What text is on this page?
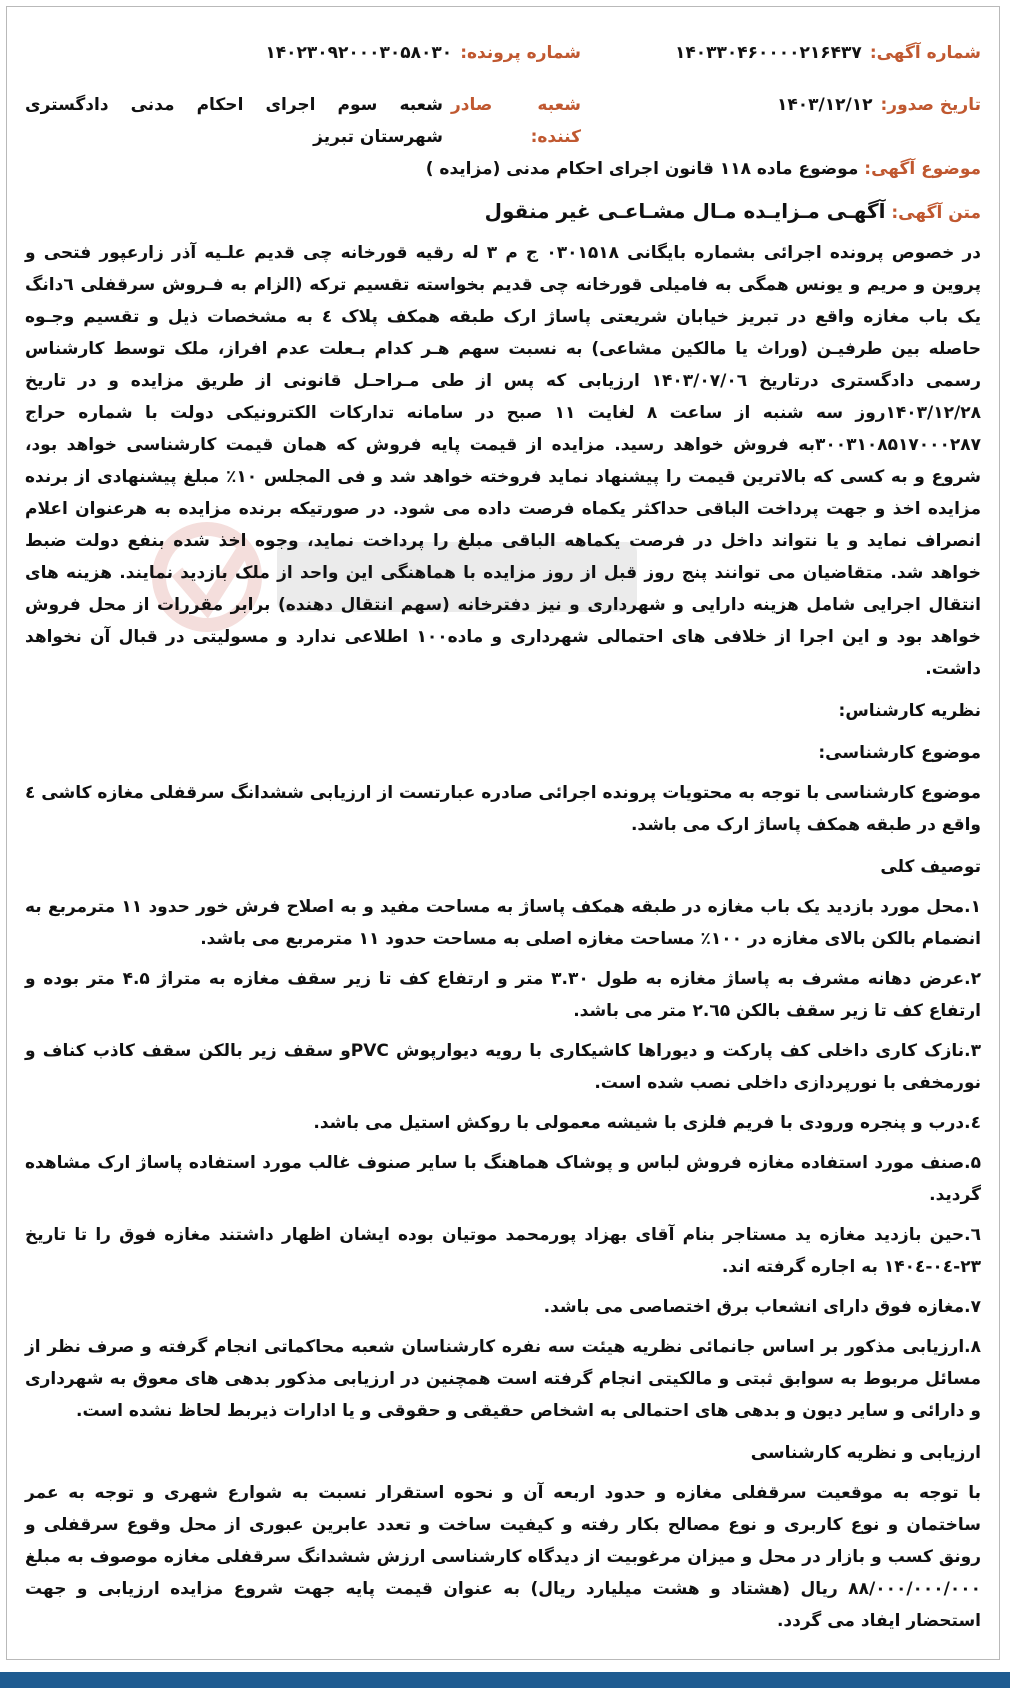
شماره آگهی:
۱۴۰۳۳۰۴۶۰۰۰۰۲۱۶۴۳۷
شماره پرونده:
۱۴۰۲۳۰۹۲۰۰۰۳۰۵۸۰۳۰
تاریخ صدور:
۱۴۰۳/۱۲/۱۲
شعبه صادر کننده:
شعبه سوم اجرای احکام مدنی دادگستری شهرستان تبریز
موضوع آگهی: موضوع ماده ۱۱۸ قانون اجرای احکام مدنی (مزایده )
متن آگهی: آگهـی مـزایـده مـال مشـاعـی غیر منقول

در خصوص پرونده اجرائی بشماره بایگانی ۰۳۰۱۵۱۸ ج م ۳ له رقیه قورخانه چی قدیم علـیه آذر زارعپور فتحی و پروین و مریم و یونس همگی به فامیلی قورخانه چی قدیم بخواسته تقسیم ترکه (الزام به فـروش سرقفلی ٦دانگ یک باب مغازه واقع در تبریز خیابان شریعتی پاساژ ارک طبقه همکف پلاک ٤ به مشخصات ذیل و تقسیم وجـوه حاصله بین طرفیـن (وراث یا مالکین مشاعی) به نسبت سهم هـر کدام بـعلت عدم افراز، ملک توسط کارشناس رسمی دادگستری درتاریخ ۱۴۰۳/۰۷/۰٦ ارزیابی که پس از طی مـراحـل قانونی از طریق مزایده و در تاریخ ۱۴۰۳/۱۲/۲۸روز سه شنبه از ساعت ۸ لغایت ۱۱ صبح در سامانه تدارکات الکترونیکی دولت با شماره حراج ۳۰۰۳۱۰۸۵۱۷۰۰۰۲۸۷به فروش خواهد رسید. مزایده از قیمت پایه فروش که همان قیمت کارشناسی خواهد بود، شروع و به کسی که بالاترین قیمت را پیشنهاد نماید فروخته خواهد شد و فی المجلس ۱۰٪ مبلغ پیشنهادی از برنده مزایده اخذ و جهت پرداخت الباقی حداکثر یکماه فرصت داده می شود. در صورتیکه برنده مزایده به هرعنوان اعلام انصراف نماید و یا نتواند داخل در فرصت یکماهه الباقی مبلغ را پرداخت نماید، وجوه اخذ شده بنفع دولت ضبط خواهد شد. متقاضیان می توانند پنج روز قبل از روز مزایده با هماهنگی این واحد از ملک بازدید نمایند. هزینه های انتقال اجرایی شامل هزینه دارایی و شهرداری و نیز دفترخانه (سهم انتقال دهنده) برابر مقررات از محل فروش خواهد بود و این اجرا از خلافی های احتمالی شهرداری و ماده۱۰۰ اطلاعی ندارد و مسولیتی در قبال آن نخواهد داشت.

نظریه کارشناس:

موضوع کارشناسی:

موضوع کارشناسی با توجه به محتویات پرونده اجرائی صادره عبارتست از ارزیابی ششدانگ سرقفلی مغازه کاشی ٤ واقع در طبقه همکف پاساژ ارک می باشد.

توصیف کلی

۱.محل مورد بازدید یک باب مغازه در طبقه همکف پاساژ به مساحت مفید و به اصلاح فرش خور حدود ۱۱ مترمربع به انضمام بالکن بالای مغازه در ۱۰۰٪ مساحت مغازه اصلی به مساحت حدود ۱۱ مترمربع می باشد.

۲.عرض دهانه مشرف به پاساژ مغازه به طول ۳.۳۰ متر و ارتفاع کف تا زیر سقف مغازه به متراژ ۴.۵ متر بوده و ارتفاع کف تا زیر سقف بالکن ۲.٦۵ متر می باشد.

۳.نازک کاری داخلی کف پارکت و دیوراها کاشیکاری با رویه دیوارپوش PVCو سقف زیر بالکن سقف کاذب کناف و نورمخفی با نورپردازی داخلی نصب شده است.

٤.درب و پنجره ورودی با فریم فلزی با شیشه معمولی با روکش استیل می باشد.

۵.صنف مورد استفاده مغازه فروش لباس و پوشاک هماهنگ با سایر صنوف غالب مورد استفاده پاساژ ارک مشاهده گردید.

٦.حین بازدید مغازه ید مستاجر بنام آقای بهزاد پورمحمد موتیان بوده ایشان اظهار داشتند مغازه فوق را تا تاریخ ۲۳-۰٤-۱۴۰٤ به اجاره گرفته اند.

۷.مغازه فوق دارای انشعاب برق اختصاصی می باشد.

۸.ارزیابی مذکور بر اساس جانمائی نظریه هیئت سه نفره کارشناسان شعبه محاکماتی انجام گرفته و صرف نظر از مسائل مربوط به سوابق ثبتی و مالکیتی انجام گرفته است همچنین در ارزیابی مذکور بدهی های معوق به شهرداری و دارائی و سایر دیون و بدهی های احتمالی به اشخاص حقیقی و حقوقی و یا ادارات ذیربط لحاظ نشده است.

ارزیابی و نظریه کارشناسی

با توجه به موقعیت سرقفلی مغازه و حدود اربعه آن و نحوه استقرار نسبت به شوارع شهری و توجه به عمر ساختمان و نوع کاربری و نوع مصالح بکار رفته و کیفیت ساخت و تعدد عابرین عبوری از محل وقوع سرقفلی و رونق کسب و بازار در محل و میزان مرغوبیت از دیدگاه کارشناسی ارزش ششدانگ سرقفلی مغازه موصوف به مبلغ ۸۸/۰۰۰/۰۰۰/۰۰۰ ریال (هشتاد و هشت میلیارد ریال) به عنوان قیمت پایه جهت شروع مزایده ارزیابی و جهت استحضار ایفاد می گردد.
